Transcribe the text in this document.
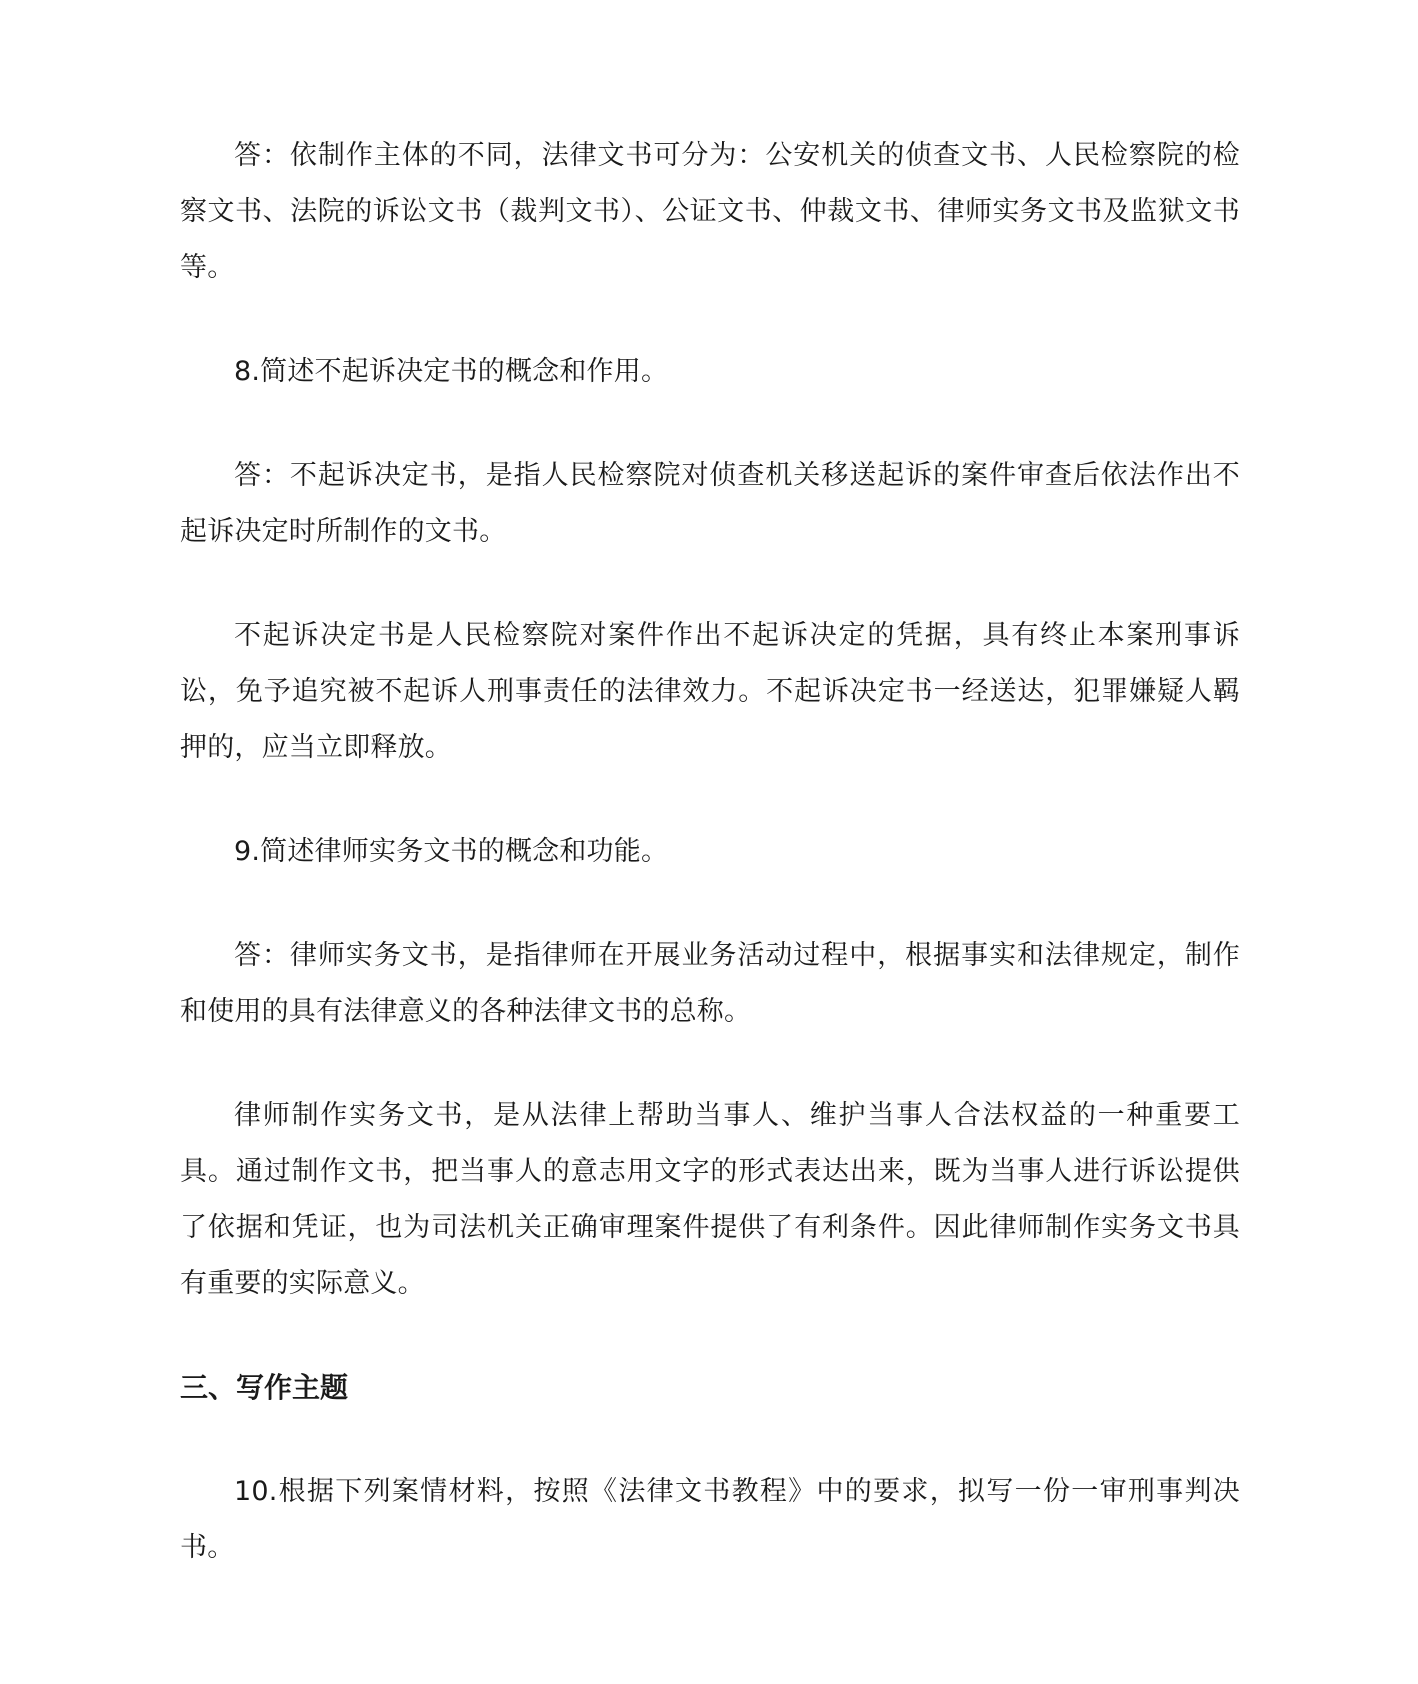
答：依制作主体的不同，法律文书可分为：公安机关的侦查文书、人民检察院的检察文书、法院的诉讼文书（裁判文书）、公证文书、仲裁文书、律师实务文书及监狱文书等。

8.简述不起诉决定书的概念和作用。

答：不起诉决定书，是指人民检察院对侦查机关移送起诉的案件审查后依法作出不起诉决定时所制作的文书。

不起诉决定书是人民检察院对案件作出不起诉决定的凭据，具有终止本案刑事诉讼，免予追究被不起诉人刑事责任的法律效力。不起诉决定书一经送达，犯罪嫌疑人羁押的，应当立即释放。

9.简述律师实务文书的概念和功能。

答：律师实务文书，是指律师在开展业务活动过程中，根据事实和法律规定，制作和使用的具有法律意义的各种法律文书的总称。

律师制作实务文书，是从法律上帮助当事人、维护当事人合法权益的一种重要工具。通过制作文书，把当事人的意志用文字的形式表达出来，既为当事人进行诉讼提供了依据和凭证，也为司法机关正确审理案件提供了有利条件。因此律师制作实务文书具有重要的实际意义。

三、写作主题

10.根据下列案情材料，按照《法律文书教程》中的要求，拟写一份一审刑事判决书。
